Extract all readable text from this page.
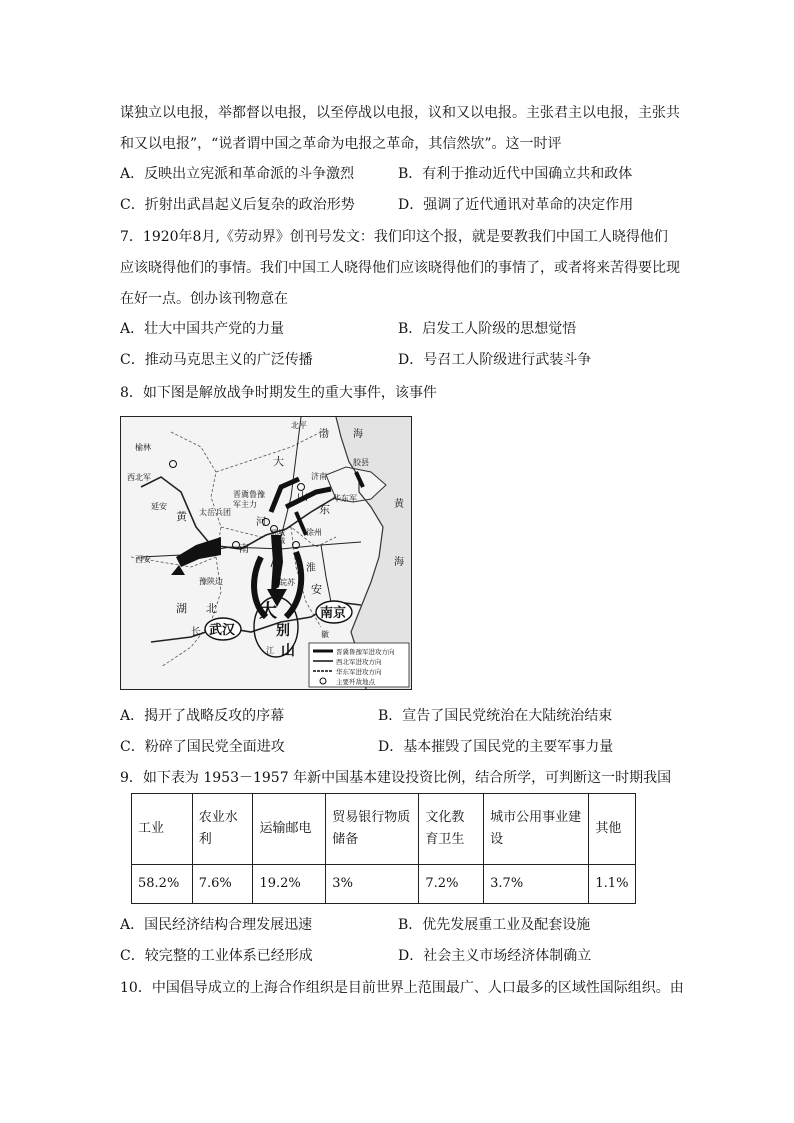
谋独立以电报，举都督以电报，以至停战以电报，议和又以电报。主张君主以电报，主张共
和又以电报”，“说者谓中国之革命为电报之革命，其信然欤”。这一时评
A．反映出立宪派和革命派的斗争激烈	B．有利于推动近代中国确立共和政体
C．折射出武昌起义后复杂的政治形势	D．强调了近代通讯对革命的决定作用
7．1920年8月,《劳动界》创刊号发文：我们印这个报，就是要教我们中国工人晓得他们
应该晓得他们的事情。我们中国工人晓得他们应该晓得他们的事情了，或者将来苦得要比现
在好一点。创办该刊物意在
A．壮大中国共产党的力量	B．启发工人阶级的思想觉悟
C．推动马克思主义的广泛传播	D．号召工人阶级进行武装斗争
8．如下图是解放战争时期发生的重大事件，该事件
北平
榆林
西北军
延安
西安
太岳兵团
晋冀鲁豫
军主力
黄	河
大
渤 海
济南
山
东
华东军
胶县
郓城
鄄城
徐州
豫陕边
南
豫皖苏
淮
安
湖 北
长
江
黄
海
徽
武汉
南京
大
别
山	晋冀鲁豫军进攻方向
西北军进攻方向
华东军进攻方向
主要歼敌地点
A．揭开了战略反攻的序幕	B．宣告了国民党统治在大陆统治结束
C．粉碎了国民党全面进攻	D．基本摧毁了国民党的主要军事力量
9．如下表为 1953－1957 年新中国基本建设投资比例，结合所学，可判断这一时期我国
工业	农业水利	运输邮电	贸易银行物质储备	文化教育卫生	城市公用事业建设	其他
58.2%	7.6%	19.2%	3%	7.2%	3.7%	1.1%
A．国民经济结构合理发展迅速	B．优先发展重工业及配套设施
C．较完整的工业体系已经形成	D．社会主义市场经济体制确立
10．中国倡导成立的上海合作组织是目前世界上范围最广、人口最多的区域性国际组织。由
